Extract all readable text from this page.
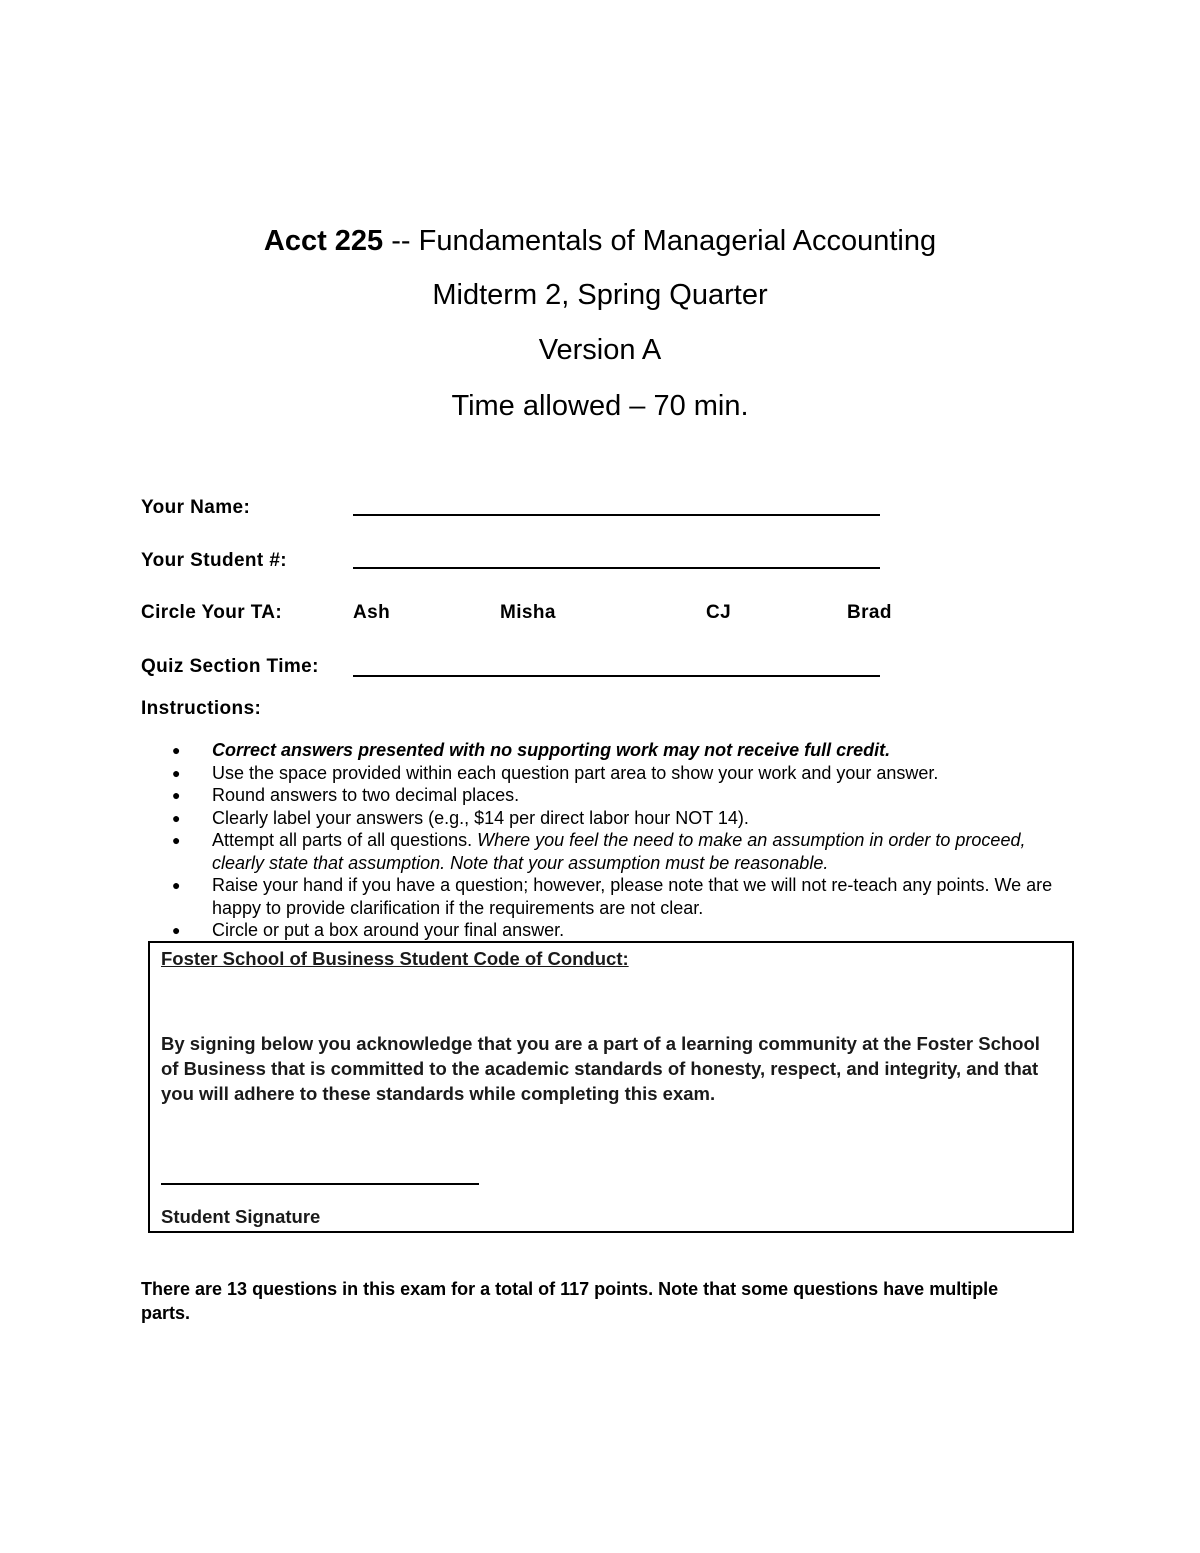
Acct 225 -- Fundamentals of Managerial Accounting
Midterm 2, Spring Quarter
Version A
Time allowed – 70 min.
Your Name:
Your Student #:
Circle Your TA:	Ash	Misha	CJ	Brad
Quiz Section Time:
Instructions:
● Correct answers presented with no supporting work may not receive full credit.
● Use the space provided within each question part area to show your work and your answer.
● Round answers to two decimal places.
● Clearly label your answers (e.g., $14 per direct labor hour NOT 14).
● Attempt all parts of all questions. Where you feel the need to make an assumption in order to proceed, clearly state that assumption. Note that your assumption must be reasonable.
● Raise your hand if you have a question; however, please note that we will not re-teach any points. We are happy to provide clarification if the requirements are not clear.
● Circle or put a box around your final answer.
Foster School of Business Student Code of Conduct:
By signing below you acknowledge that you are a part of a learning community at the Foster School of Business that is committed to the academic standards of honesty, respect, and integrity, and that you will adhere to these standards while completing this exam.
Student Signature
There are 13 questions in this exam for a total of 117 points. Note that some questions have multiple parts.
